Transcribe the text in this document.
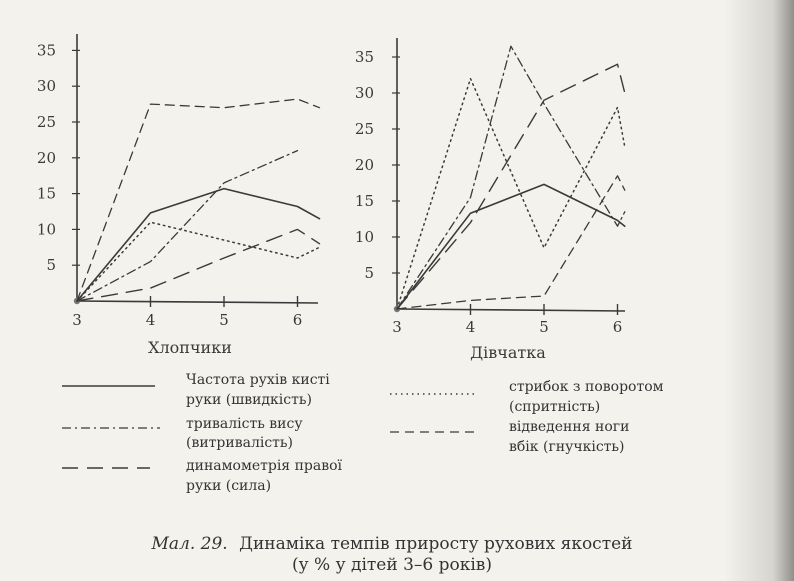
5
10
15
20
25
30
35
3	4	5	6
Хлопчики
5
10
15
20
25
30
35
3	4	5	6
Дівчатка
Частота рухів кисті
руки (швидкість)
тривалість вису
(витривалість)
динамометрія правої
руки (сила)
стрибок з поворотом
(спритність)
відведення ноги
вбік (гнучкість)
Мал. 29. Динаміка темпів приросту рухових якостей
(у % у дітей 3–6 років)
